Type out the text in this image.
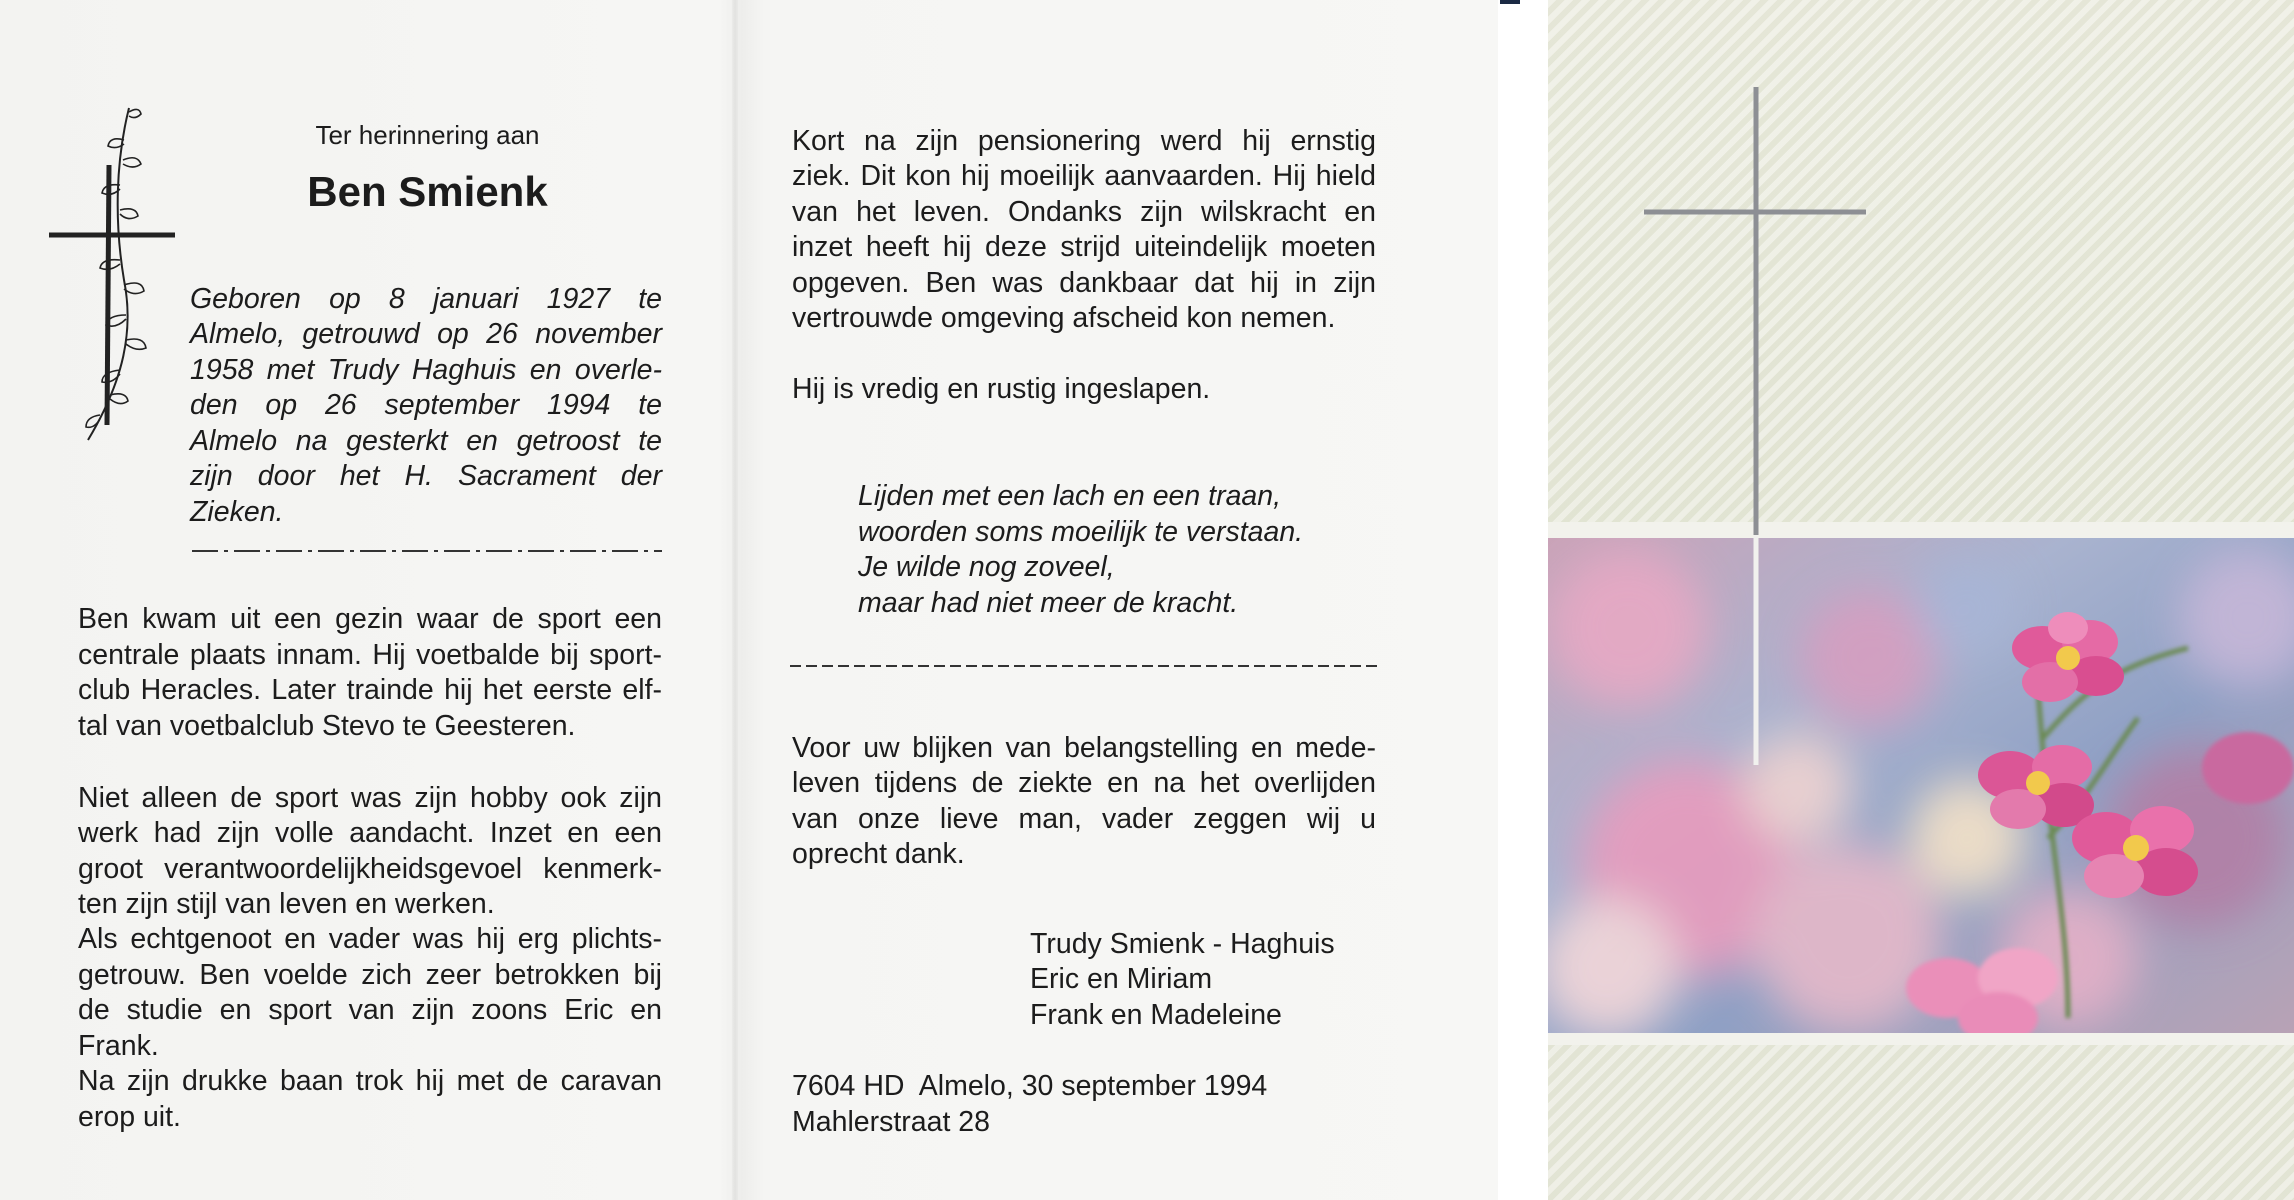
Ter herinnering aan
Ben Smienk
Geboren op 8 januari 1927 te
Almelo, getrouwd op 26 november
1958 met Trudy Haghuis en overle-
den op 26 september 1994 te
Almelo na gesterkt en getroost te
zijn door het H. Sacrament der
Zieken.
Ben kwam uit een gezin waar de sport een
centrale plaats innam. Hij voetbalde bij sport-
club Heracles. Later trainde hij het eerste elf-
tal van voetbalclub Stevo te Geesteren.
Niet alleen de sport was zijn hobby ook zijn
werk had zijn volle aandacht. Inzet en een
groot verantwoordelijkheidsgevoel kenmerk-
ten zijn stijl van leven en werken.
Als echtgenoot en vader was hij erg plichts-
getrouw. Ben voelde zich zeer betrokken bij
de studie en sport van zijn zoons Eric en
Frank.
Na zijn drukke baan trok hij met de caravan
erop uit.
Kort na zijn pensionering werd hij ernstig
ziek. Dit kon hij moeilijk aanvaarden. Hij hield
van het leven. Ondanks zijn wilskracht en
inzet heeft hij deze strijd uiteindelijk moeten
opgeven. Ben was dankbaar dat hij in zijn
vertrouwde omgeving afscheid kon nemen.
Hij is vredig en rustig ingeslapen.
Lijden met een lach en een traan,
woorden soms moeilijk te verstaan.
Je wilde nog zoveel,
maar had niet meer de kracht.
Voor uw blijken van belangstelling en mede-
leven tijdens de ziekte en na het overlijden
van onze lieve man, vader zeggen wij u
oprecht dank.
Trudy Smienk - Haghuis
Eric en Miriam
Frank en Madeleine
7604 HD  Almelo, 30 september 1994
Mahlerstraat 28
